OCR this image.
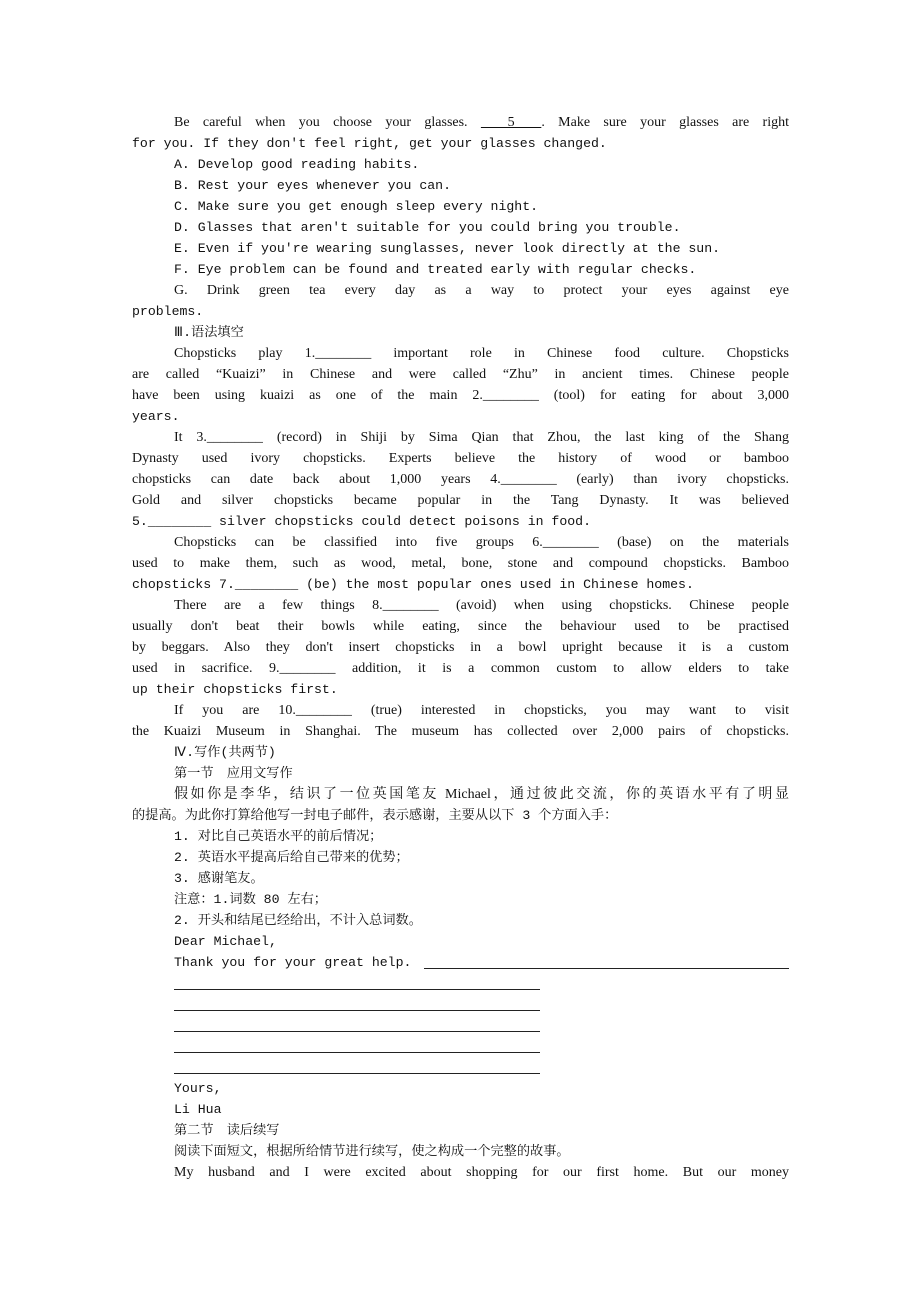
Be careful when you choose your glasses.   5  . Make sure your glasses are right
for you. If they don't feel right, get your glasses changed.
A. Develop good reading habits.
B. Rest your eyes whenever you can.
C. Make sure you get enough sleep every night.
D. Glasses that aren't suitable for you could bring you trouble.
E. Even if you're wearing sunglasses, never look directly at the sun.
F. Eye problem can be found and treated early with regular checks.
G. Drink green tea every day as a way to protect your eyes against eye
problems.
Ⅲ.语法填空
Chopsticks play 1.________ important role in Chinese food culture. Chopsticks
are called “Kuaizi” in Chinese and were called “Zhu” in ancient times. Chinese people
have been using kuaizi as one of the main 2.________ (tool) for eating for about 3,000
years.
It 3.________ (record) in Shiji by Sima Qian that Zhou, the last king of the Shang
Dynasty used ivory chopsticks. Experts believe the history of wood or bamboo
chopsticks can date back about 1,000 years 4.________ (early) than ivory chopsticks.
Gold and silver chopsticks became popular in the Tang Dynasty. It was believed
5.________ silver chopsticks could detect poisons in food.
Chopsticks can be classified into five groups 6.________ (base) on the materials
used to make them, such as wood, metal, bone, stone and compound chopsticks. Bamboo
chopsticks 7.________ (be) the most popular ones used in Chinese homes.
There are a few things 8.________ (avoid) when using chopsticks. Chinese people
usually don't beat their bowls while eating, since the behaviour used to be practised
by beggars. Also they don't insert chopsticks in a bowl upright because it is a custom
used in sacrifice. 9.________ addition, it is a common custom to allow elders to take
up their chopsticks first.
If you are 10.________ (true) interested in chopsticks, you may want to visit
the Kuaizi Museum in Shanghai. The museum has collected over 2,000 pairs of chopsticks.
Ⅳ.写作(共两节)
第一节　应用文写作
假如你是李华，结识了一位英国笔友 Michael，通过彼此交流，你的英语水平有了明显
的提高。为此你打算给他写一封电子邮件，表示感谢，主要从以下 3 个方面入手：
1. 对比自己英语水平的前后情况；
2. 英语水平提高后给自己带来的优势；
3. 感谢笔友。
注意：1.词数 80 左右；
2. 开头和结尾已经给出，不计入总词数。
Dear Michael,
Thank you for your great help.
Yours,
Li Hua
第二节　读后续写
阅读下面短文，根据所给情节进行续写，使之构成一个完整的故事。
My husband and I were excited about shopping for our first home. But our money
